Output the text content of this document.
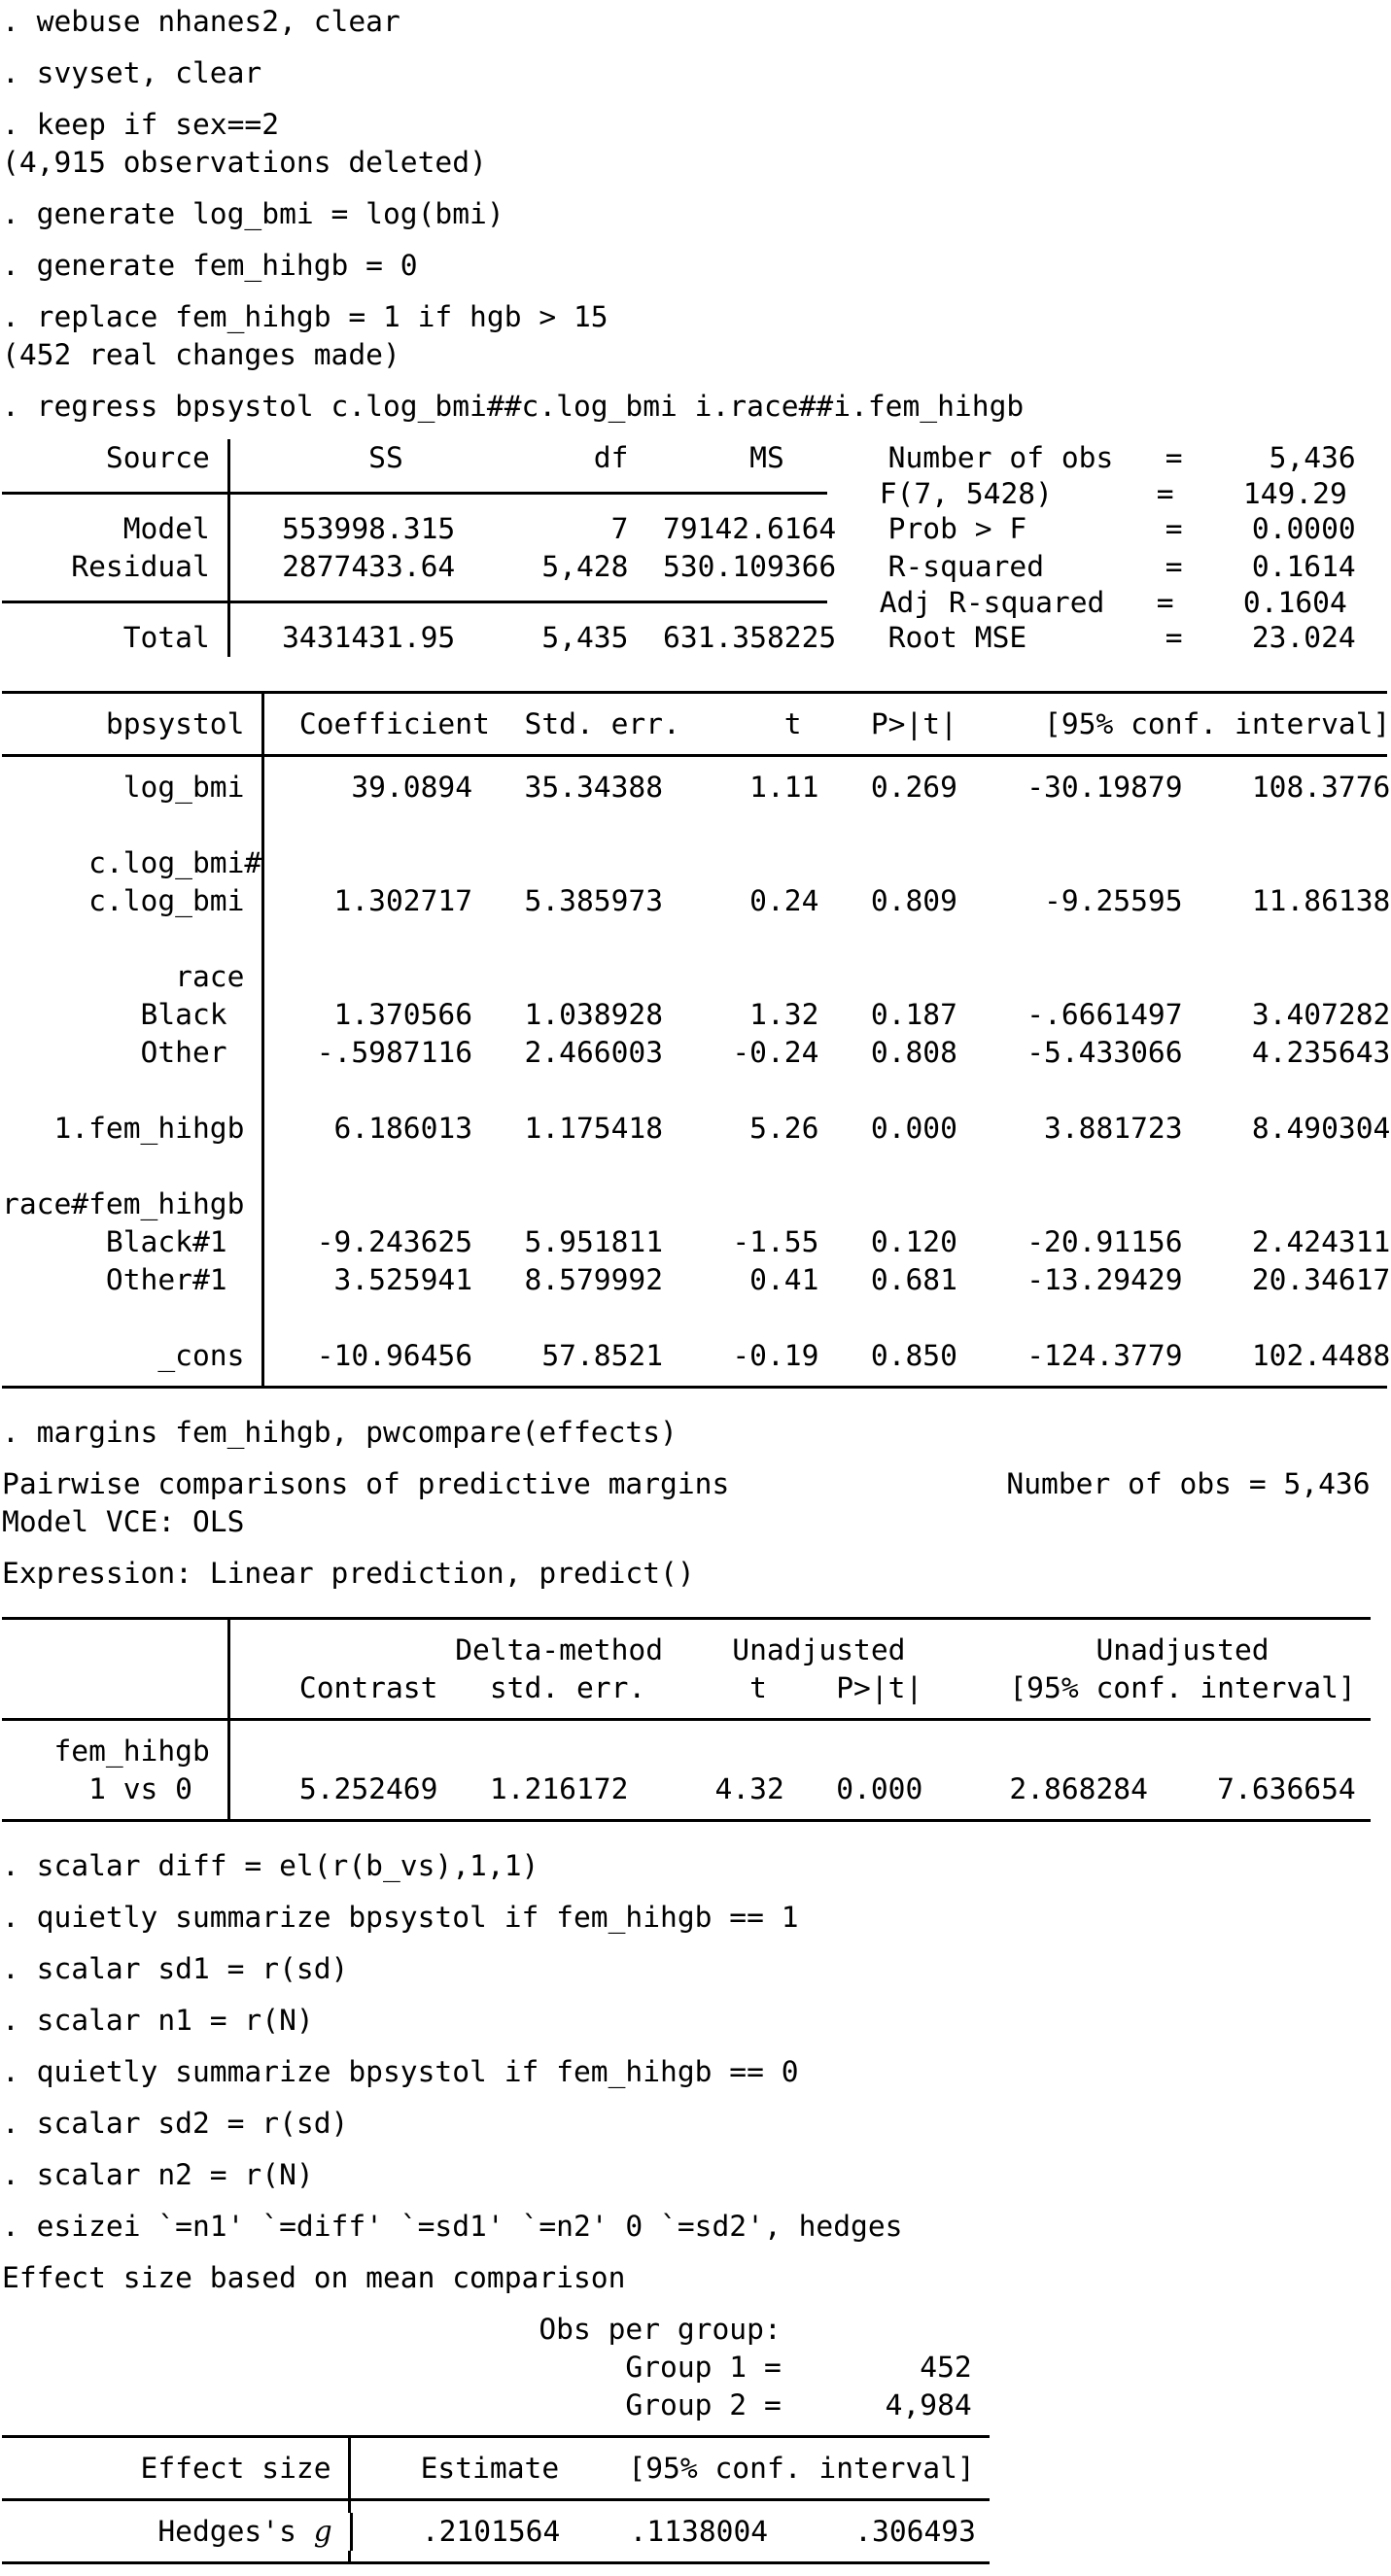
. webuse nhanes2, clear
. svyset, clear
. keep if sex==2
(4,915 observations deleted)
. generate log_bmi = log(bmi)
. generate fem_hihgb = 0
. replace fem_hihgb = 1 if hgb > 15
(452 real changes made)
. regress bpsystol c.log_bmi##c.log_bmi i.race##i.fem_hihgb
Source SS           df       MS      Number of obs   =     5,436
F(7, 5428)      =    149.29
Model 553998.315         7  79142.6164   Prob > F        =    0.0000
Residual 2877433.64     5,428  530.109366   R-squared       =    0.1614
Adj R-squared   =    0.1604
Total 3431431.95     5,435  631.358225   Root MSE        =    23.024
bpsystol Coefficient  Std. err.      t    P>|t|     [95% conf. interval]
log_bmi 39.0894   35.34388     1.11   0.269    -30.19879    108.3776
c.log_bmi#
c.log_bmi 1.302717   5.385973     0.24   0.809     -9.25595    11.86138
race
Black 1.370566   1.038928     1.32   0.187    -.6661497    3.407282
Other -.5987116   2.466003    -0.24   0.808    -5.433066    4.235643
1.fem_hihgb 6.186013   1.175418     5.26   0.000     3.881723    8.490304
race#fem_hihgb
Black#1 -9.243625   5.951811    -1.55   0.120    -20.91156    2.424311
Other#1 3.525941   8.579992     0.41   0.681    -13.29429    20.34617
_cons -10.96456    57.8521    -0.19   0.850    -124.3779    102.4488
. margins fem_hihgb, pwcompare(effects)
Pairwise comparisons of predictive margins                Number of obs = 5,436
Model VCE: OLS
Expression: Linear prediction, predict()
Delta-method    Unadjusted           Unadjusted
Contrast   std. err.      t    P>|t|     [95% conf. interval]
fem_hihgb
1 vs 0 5.252469   1.216172     4.32   0.000     2.868284    7.636654
. scalar diff = el(r(b_vs),1,1)
. quietly summarize bpsystol if fem_hihgb == 1
. scalar sd1 = r(sd)
. scalar n1 = r(N)
. quietly summarize bpsystol if fem_hihgb == 0
. scalar sd2 = r(sd)
. scalar n2 = r(N)
. esizei `=n1' `=diff' `=sd1' `=n2' 0 `=sd2', hedges
Effect size based on mean comparison
Obs per group:
Group 1 =        452
Group 2 =      4,984
Effect size Estimate    [95% conf. interval]
Hedges's g	.2101564    .1138004     .306493
